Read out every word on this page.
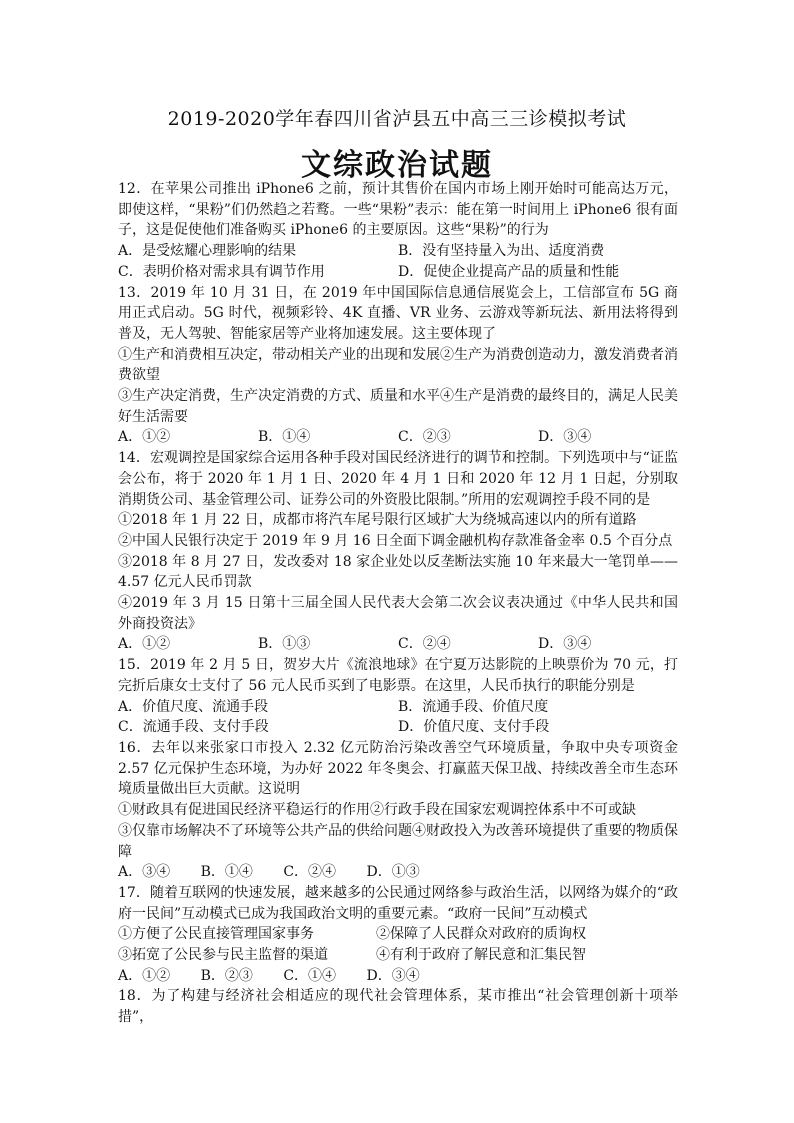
2019-2020学年春四川省泸县五中高三三诊模拟考试
文综政治试题

12．在苹果公司推出 iPhone6 之前，预计其售价在国内市场上刚开始时可能高达万元，即使这样，“果粉”们仍然趋之若鹜。一些“果粉”表示：能在第一时间用上 iPhone6 很有面子，这是促使他们准备购买 iPhone6 的主要原因。这些“果粉”的行为

A．是受炫耀心理影响的结果	B．没有坚持量入为出、适度消费
C．表明价格对需求具有调节作用	D．促使企业提高产品的质量和性能

13．2019 年 10 月 31 日，在 2019 年中国国际信息通信展览会上，工信部宣布 5G 商用正式启动。5G 时代，视频彩铃、4K 直播、VR 业务、云游戏等新玩法、新用法将得到普及，无人驾驶、智能家居等产业将加速发展。这主要体现了

①生产和消费相互决定，带动相关产业的出现和发展②生产为消费创造动力，激发消费者消费欲望

③生产决定消费，生产决定消费的方式、质量和水平④生产是消费的最终目的，满足人民美好生活需要

A．①②	B．①④	C．②③	D．③④

14．宏观调控是国家综合运用各种手段对国民经济进行的调节和控制。下列选项中与“证监会公布，将于 2020 年 1 月 1 日、2020 年 4 月 1 日和 2020 年 12 月 1 日起，分别取消期货公司、基金管理公司、证券公司的外资股比限制。”所用的宏观调控手段不同的是

①2018 年 1 月 22 日，成都市将汽车尾号限行区域扩大为绕城高速以内的所有道路

②中国人民银行决定于 2019 年 9 月 16 日全面下调金融机构存款准备金率 0.5 个百分点

③2018 年 8 月 27 日，发改委对 18 家企业处以反垄断法实施 10 年来最大一笔罚单——4.57 亿元人民币罚款

④2019 年 3 月 15 日第十三届全国人民代表大会第二次会议表决通过《中华人民共和国外商投资法》

A．①②	B．①③	C．②④	D．③④

15．2019 年 2 月 5 日，贺岁大片《流浪地球》在宁夏万达影院的上映票价为 70 元，打完折后康女士支付了 56 元人民币买到了电影票。在这里，人民币执行的职能分别是

A．价值尺度、流通手段	B．流通手段、价值尺度
C．流通手段、支付手段	D．价值尺度、支付手段

16．去年以来张家口市投入 2.32 亿元防治污染改善空气环境质量，争取中央专项资金 2.57 亿元保护生态环境，为办好 2022 年冬奥会、打赢蓝天保卫战、持续改善全市生态环境质量做出巨大贡献。这说明

①财政具有促进国民经济平稳运行的作用②行政手段在国家宏观调控体系中不可或缺

③仅靠市场解决不了环境等公共产品的供给问题④财政投入为改善环境提供了重要的物质保障

A．③④ B．①④ C．②④ D．①③

17．随着互联网的快速发展，越来越多的公民通过网络参与政治生活，以网络为媒介的“政府一民间”互动模式已成为我国政治文明的重要元素。“政府一民间”互动模式

①方便了公民直接管理国家事务	②保障了人民群众对政府的质询权
③拓宽了公民参与民主监督的渠道	④有利于政府了解民意和汇集民智
A．①② B．②③ C．①④ D．③④

18．为了构建与经济社会相适应的现代社会管理体系，某市推出“社会管理创新十项举措”，
